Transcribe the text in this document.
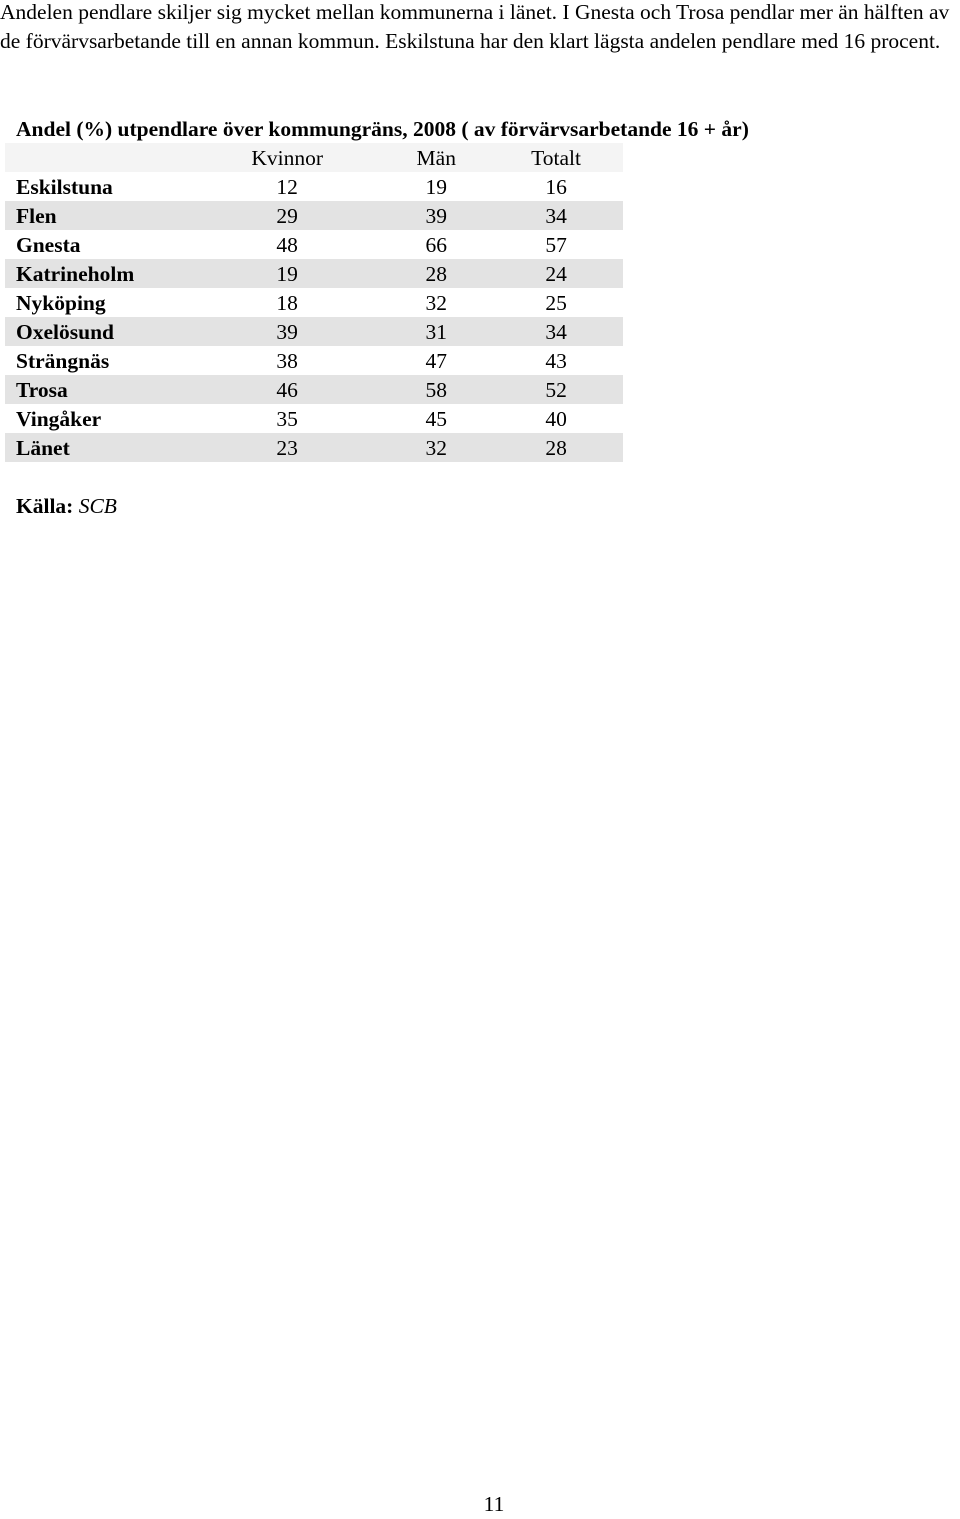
Andelen pendlare skiljer sig mycket mellan kommunerna i länet. I Gnesta och Trosa pendlar mer än hälften av de förvärvsarbetande till en annan kommun. Eskilstuna har den klart lägsta andelen pendlare med 16 procent.

Andel (%) utpendlare över kommungräns, 2008 ( av förvärvsarbetande 16 + år)

	Kvinnor	Män	Totalt
Eskilstuna	12	19	16
Flen	29	39	34
Gnesta	48	66	57
Katrineholm	19	28	24
Nyköping	18	32	25
Oxelösund	39	31	34
Strängnäs	38	47	43
Trosa	46	58	52
Vingåker	35	45	40
Länet	23	32	28

Källa: SCB

11
